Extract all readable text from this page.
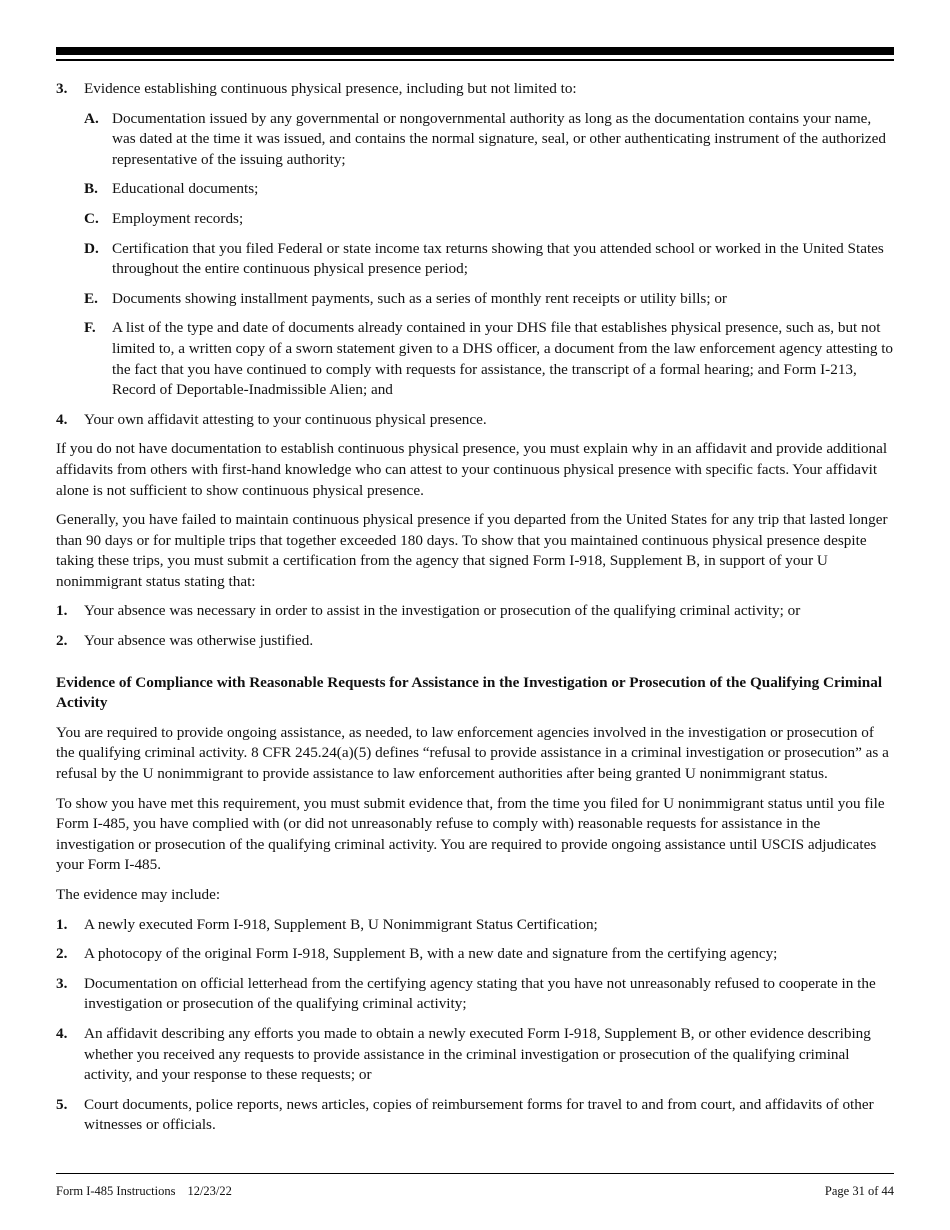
3. Evidence establishing continuous physical presence, including but not limited to:
A. Documentation issued by any governmental or nongovernmental authority as long as the documentation contains your name, was dated at the time it was issued, and contains the normal signature, seal, or other authenticating instrument of the authorized representative of the issuing authority;
B. Educational documents;
C. Employment records;
D. Certification that you filed Federal or state income tax returns showing that you attended school or worked in the United States throughout the entire continuous physical presence period;
E. Documents showing installment payments, such as a series of monthly rent receipts or utility bills; or
F. A list of the type and date of documents already contained in your DHS file that establishes physical presence, such as, but not limited to, a written copy of a sworn statement given to a DHS officer, a document from the law enforcement agency attesting to the fact that you have continued to comply with requests for assistance, the transcript of a formal hearing; and Form I-213, Record of Deportable-Inadmissible Alien; and
4. Your own affidavit attesting to your continuous physical presence.

If you do not have documentation to establish continuous physical presence, you must explain why in an affidavit and provide additional affidavits from others with first-hand knowledge who can attest to your continuous physical presence with specific facts. Your affidavit alone is not sufficient to show continuous physical presence.

Generally, you have failed to maintain continuous physical presence if you departed from the United States for any trip that lasted longer than 90 days or for multiple trips that together exceeded 180 days. To show that you maintained continuous physical presence despite taking these trips, you must submit a certification from the agency that signed Form I-918, Supplement B, in support of your U nonimmigrant status stating that:

1. Your absence was necessary in order to assist in the investigation or prosecution of the qualifying criminal activity; or
2. Your absence was otherwise justified.
Evidence of Compliance with Reasonable Requests for Assistance in the Investigation or Prosecution of the Qualifying Criminal Activity

You are required to provide ongoing assistance, as needed, to law enforcement agencies involved in the investigation or prosecution of the qualifying criminal activity. 8 CFR 245.24(a)(5) defines “refusal to provide assistance in a criminal investigation or prosecution” as a refusal by the U nonimmigrant to provide assistance to law enforcement authorities after being granted U nonimmigrant status.

To show you have met this requirement, you must submit evidence that, from the time you filed for U nonimmigrant status until you file Form I-485, you have complied with (or did not unreasonably refuse to comply with) reasonable requests for assistance in the investigation or prosecution of the qualifying criminal activity. You are required to provide ongoing assistance until USCIS adjudicates your Form I-485.

The evidence may include:

1. A newly executed Form I-918, Supplement B, U Nonimmigrant Status Certification;
2. A photocopy of the original Form I-918, Supplement B, with a new date and signature from the certifying agency;
3. Documentation on official letterhead from the certifying agency stating that you have not unreasonably refused to cooperate in the investigation or prosecution of the qualifying criminal activity;
4. An affidavit describing any efforts you made to obtain a newly executed Form I-918, Supplement B, or other evidence describing whether you received any requests to provide assistance in the criminal investigation or prosecution of the qualifying criminal activity, and your response to these requests; or
5. Court documents, police reports, news articles, copies of reimbursement forms for travel to and from court, and affidavits of other witnesses or officials.
Form I-485 Instructions 12/23/22	Page 31 of 44
